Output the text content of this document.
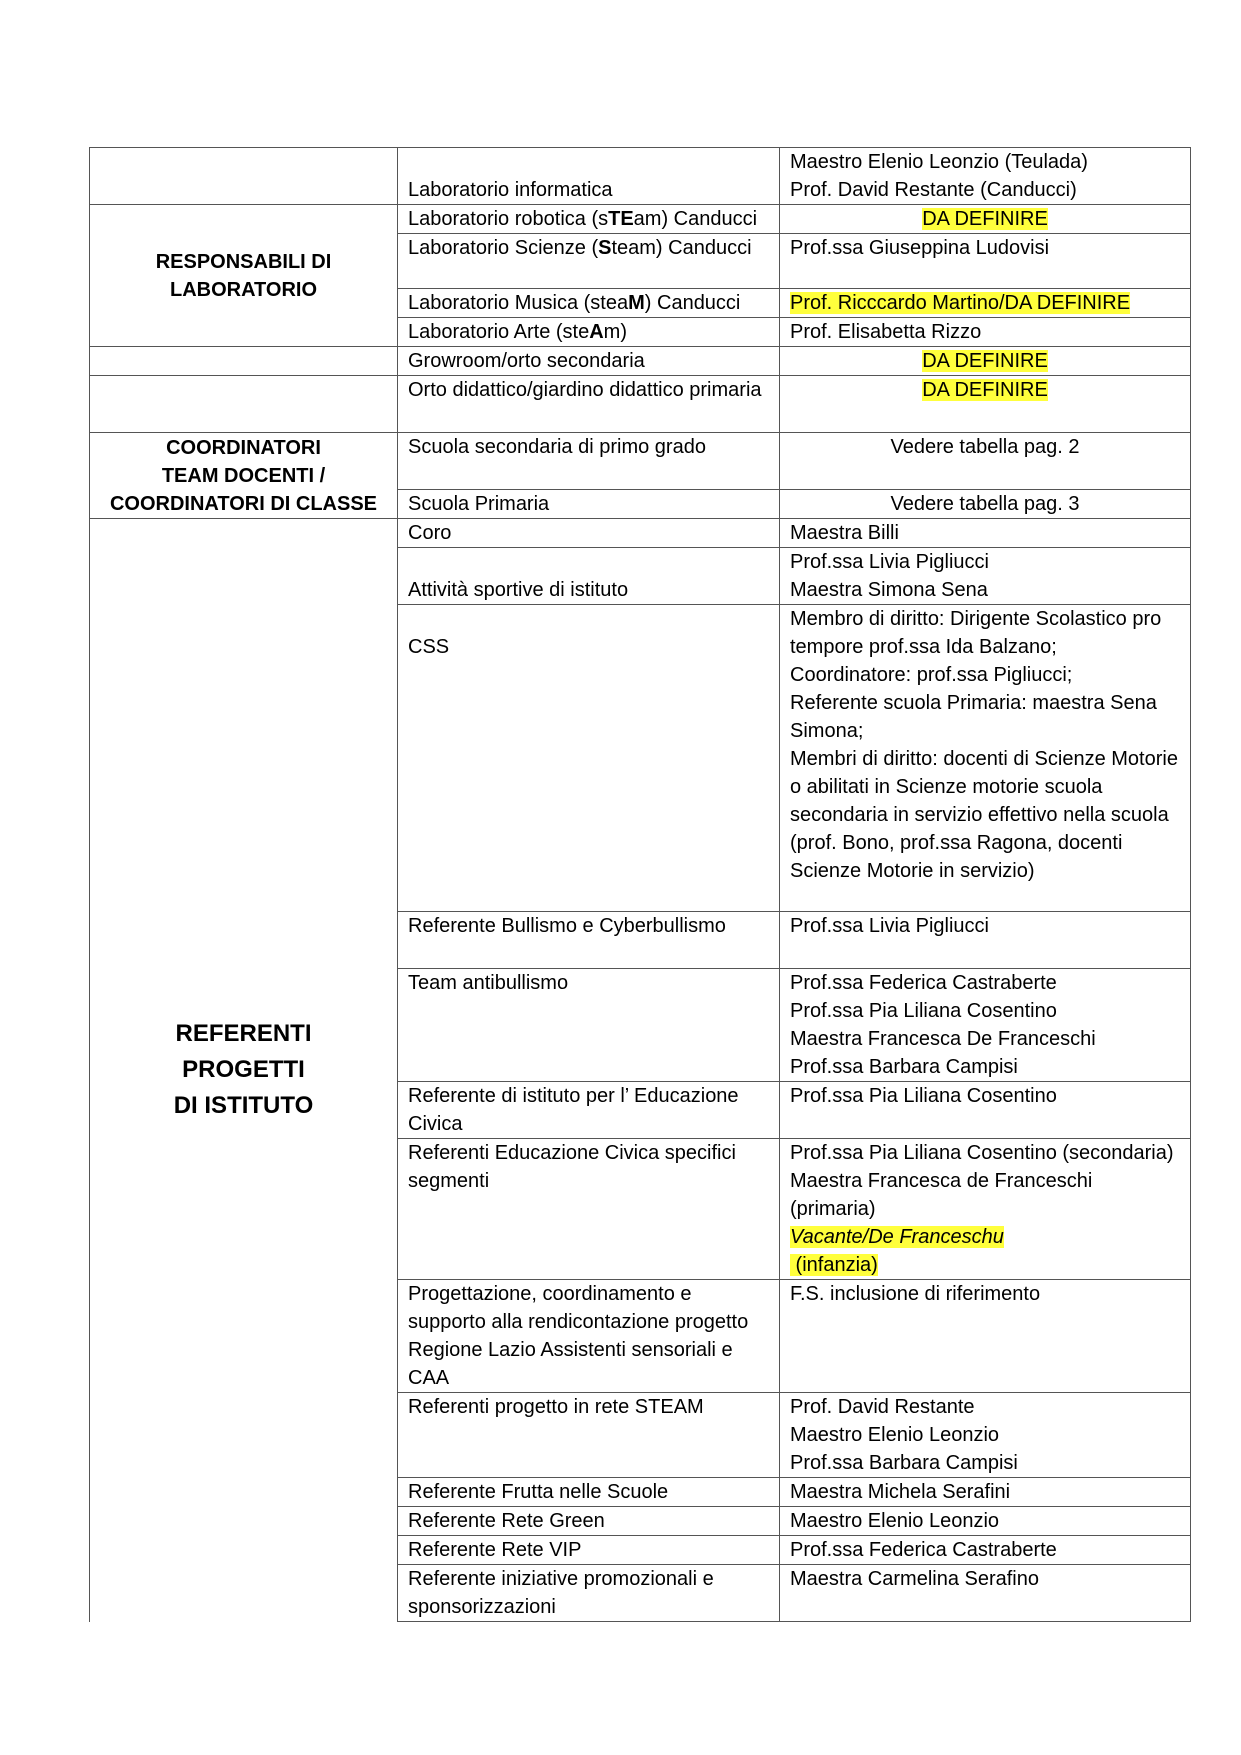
	Laboratorio informatica	Maestro Elenio Leonzio (Teulada)
Prof. David Restante (Canducci)

RESPONSABILI DI
LABORATORIO	Laboratorio robotica (sTEam) Canducci	DA DEFINIRE
	Laboratorio Scienze (Steam) Canducci	Prof.ssa Giuseppina Ludovisi
	Laboratorio Musica (steaM) Canducci	Prof. Ricccardo Martino/DA DEFINIRE
	Laboratorio Arte (steAm)	Prof. Elisabetta Rizzo
	Growroom/orto secondaria	DA DEFINIRE
	Orto didattico/giardino didattico primaria	DA DEFINIRE

COORDINATORI
TEAM DOCENTI /
COORDINATORI DI CLASSE	Scuola secondaria di primo grado	Vedere tabella pag. 2
	Scuola Primaria	Vedere tabella pag. 3

REFERENTI
PROGETTI
DI ISTITUTO	Coro	Maestra Billi
	Attività sportive di istituto	Prof.ssa Livia Pigliucci
Maestra Simona Sena

	CSS	Membro di diritto: Dirigente Scolastico pro tempore prof.ssa Ida Balzano;
Coordinatore: prof.ssa Pigliucci;
Referente scuola Primaria: maestra Sena Simona;
Membri di diritto: docenti di Scienze Motorie o abilitati in Scienze motorie scuola secondaria in servizio effettivo nella scuola
(prof. Bono, prof.ssa Ragona, docenti Scienze Motorie in servizio)

	Referente Bullismo e Cyberbullismo	Prof.ssa Livia Pigliucci
	Team antibullismo	Prof.ssa Federica Castraberte
Prof.ssa Pia Liliana Cosentino
Maestra Francesca De Franceschi
Prof.ssa Barbara Campisi

	Referente di istituto per l’ Educazione Civica	Prof.ssa Pia Liliana Cosentino
	Referenti Educazione Civica specifici segmenti	Prof.ssa Pia Liliana Cosentino (secondaria)
Maestra Francesca de Franceschi (primaria)
Vacante/De Franceschu
(infanzia)
	Progettazione, coordinamento e supporto alla rendicontazione progetto Regione Lazio Assistenti sensoriali e CAA	F.S. inclusione di riferimento
	Referenti progetto in rete STEAM	Prof. David Restante
Maestro Elenio Leonzio
Prof.ssa Barbara Campisi

	Referente Frutta nelle Scuole	Maestra Michela Serafini
	Referente Rete Green	Maestro Elenio Leonzio
	Referente Rete VIP	Prof.ssa Federica Castraberte
	Referente iniziative promozionali e sponsorizzazioni	Maestra Carmelina Serafino
